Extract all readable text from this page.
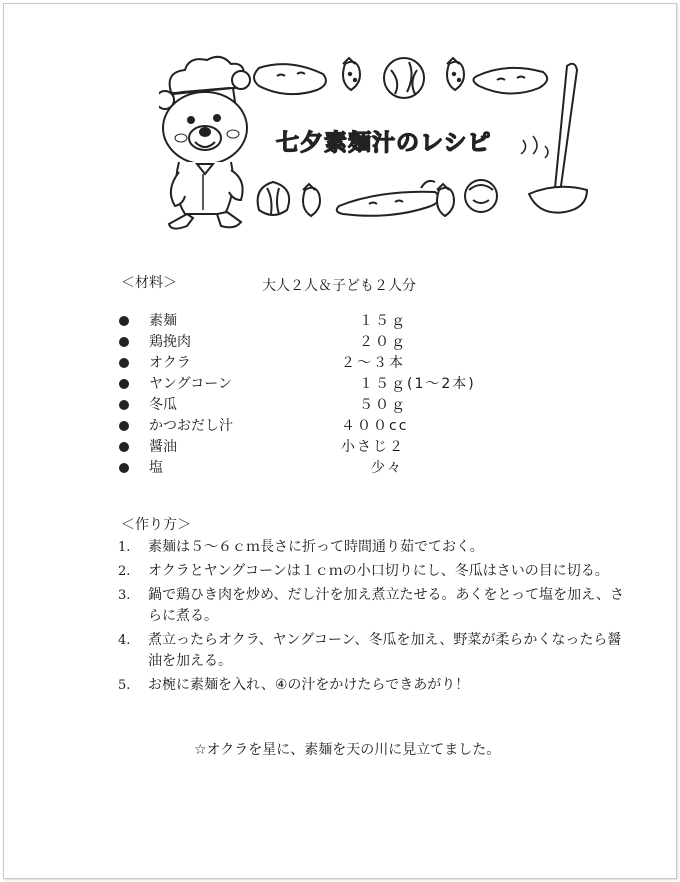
七夕素麺汁のレシピ
＜材料＞	大人２人＆子ども２人分
素麺	１５ｇ
鶏挽肉	２０ｇ
オクラ	２〜３本
ヤングコーン	１５ｇ(1〜2本)
冬瓜	５０ｇ
かつおだし汁	４００cc
醤油	小さじ２
塩	少々
＜作り方＞
1. 素麺は５〜６ｃｍ長さに折って時間通り茹でておく。
2. オクラとヤングコーンは１ｃｍの小口切りにし、冬瓜はさいの目に切る。
3. 鍋で鶏ひき肉を炒め、だし汁を加え煮立たせる。あくをとって塩を加え、さらに煮る。
4. 煮立ったらオクラ、ヤングコーン、冬瓜を加え、野菜が柔らかくなったら醤油を加える。
5. お椀に素麺を入れ、④の汁をかけたらできあがり！
☆オクラを星に、素麺を天の川に見立てました。
